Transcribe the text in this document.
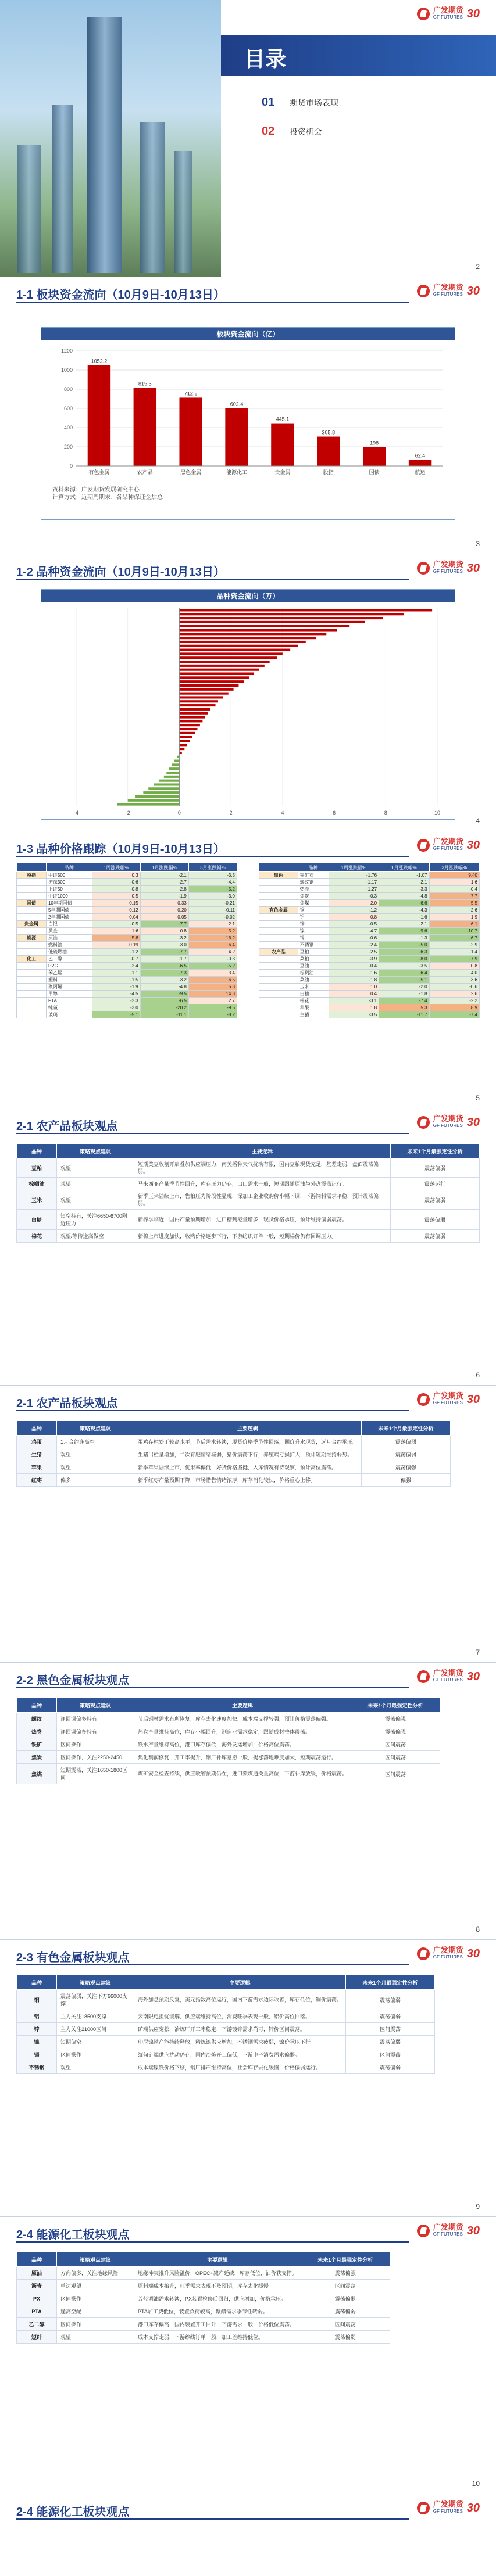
广发期货
GF FUTURES 30
目录
01 期货市场表现
02 投资机会
2
1-1 板块资金流向（10月9日-10月13日）
广发期货
GF FUTURES 30
板块资金流向（亿）
0
200
400
600
800
1000
1200
1052.2
有色金属
815.3
农产品
712.5
黑色金属
602.4
能源化工
445.1
贵金属
305.8
股指
198
国债
62.4
航运
资料来源：广发期货发展研究中心
计算方式：近期周期末、各品种保证金加总
3
1-2 品种资金流向（10月9日-10月13日）
广发期货
GF FUTURES 30
品种资金流向（万）
-4	-2	0	2	4	6	8	10
4
1-3 品种价格跟踪（10月9日-10月13日）
广发期货
GF FUTURES 30
	品种	1周涨跌幅%	1月涨跌幅%	3月涨跌幅%
股指	中证500	0.3	-2.1	-3.5
	沪深300	-0.6	-2.7	-4.4
	上证50	-0.8	-2.8	-5.2
	中证1000	0.5	-1.9	-3.0
国债	10年期国债	0.15	0.33	-0.21
	5年期国债	0.12	0.20	-0.11
	2年期国债	0.04	0.05	-0.02
贵金属	白银	-0.5	-7.7	2.1
	黄金	1.6	0.8	5.2
能源	原油	5.8	-3.2	16.2
	燃料油	0.19	-3.0	6.4
	低硫燃油	-1.2	-7.7	4.2
化工	乙二醇	-0.7	-1.7	-0.3
	PVC	-2.4	-6.5	-5.2
	苯乙烯	-1.1	-7.3	3.4
	塑料	-1.5	-3.2	6.5
	聚丙烯	-1.9	-4.8	5.3
	甲醇	-4.5	-9.5	14.3
	PTA	-2.3	-6.5	2.7
	纯碱	-3.0	-20.2	-9.5
	玻璃	-5.1	-11.1	-8.2
	品种	1周涨跌幅%	1月涨跌幅%	3月涨跌幅%
黑色	铁矿石	-1.76	-1.07	9.40
	螺纹钢	-1.17	-2.1	1.6
	热卷	-1.27	-3.3	-0.4
	焦炭	-0.3	-4.8	7.7
	焦煤	2.0	-6.6	5.5
有色金属	铜	-1.2	-4.3	-2.6
	铝	0.8	-1.6	1.9
	锌	-0.5	-2.1	6.1
	镍	-4.7	-9.6	-10.7
	锡	-0.6	-1.3	-6.7
	不锈钢	-2.4	-5.0	-2.9
农产品	豆粕	-2.5	-6.3	-1.4
	菜粕	-3.9	-8.0	-7.9
	豆油	-0.4	-3.5	0.8
	棕榈油	-1.6	-6.4	-4.0
	菜油	-1.8	-5.1	-3.6
	玉米	1.0	-2.0	-0.6
	白糖	0.4	-1.8	2.6
	棉花	-3.1	-7.4	-2.2
	苹果	1.8	5.3	8.9
	生猪	-3.5	-11.7	-7.4
5
2-1 农产品板块观点
广发期货
GF FUTURES 30
品种	策略观点建议	主要逻辑	未来1个月最强定性分析
豆粕	观望	短期美豆收割开启叠加供应端压力，南美播种天气扰动有限，国内豆粕现货充足，基差走弱，盘面震荡偏弱。	震荡偏弱
棕榈油	观望	马来西亚产量季节性回升，库存压力仍存，出口需求一般，短期跟随原油与外盘震荡运行。	震荡运行
玉米	观望	新季玉米陆续上市，售粮压力阶段性显现，深加工企业收购价小幅下调，下游饲料需求平稳，预计震荡偏弱。	震荡偏弱
白糖	短空持有，关注6650-6700附近压力	新榨季临近，国内产量预期增加，进口糖到港量增多，现货价格承压，预计维持偏弱震荡。	震荡偏弱
棉花	观望/等待逢高做空	新棉上市进度加快，收购价格逐步下行，下游纺织订单一般，短期棉价仍有回调压力。	震荡偏弱
6
2-1 农产品板块观点
广发期货
GF FUTURES 30
品种	策略观点建议	主要逻辑	未来1个月最强定性分析
鸡蛋	1月合约逢高空	蛋鸡存栏处于较高水平，节后需求转淡，现货价格季节性回落，期价升水现货，远月合约承压。	震荡偏弱
生猪	观望	生猪出栏量增加，二次育肥情绪减弱，猪价震荡下行，养殖端亏损扩大，预计短期维持弱势。	震荡偏弱
苹果	观望	新季苹果陆续上市，优果率偏低，好货价格坚挺，入库情况有待观察，预计高位震荡。	震荡偏强
红枣	偏多	新季红枣产量预期下降，市场惜售情绪浓厚，库存消化较快，价格重心上移。	偏强
7
2-2 黑色金属板块观点
广发期货
GF FUTURES 30
品种	策略观点建议	主要逻辑	未来1个月最强定性分析
螺纹	逢回调偏多持有	节后钢材需求有所恢复，库存去化速度加快，成本端支撑较强，预计价格震荡偏强。	震荡偏强
热卷	逢回调偏多持有	热卷产量维持高位，库存小幅回升，制造业需求稳定，跟随成材整体震荡。	震荡偏强
铁矿	区间操作	铁水产量维持高位，港口库存偏低，海外发运增加，价格高位震荡。	区间震荡
焦炭	区间操作，关注2250-2450	焦化利润修复，开工率提升，钢厂补库意愿一般，提涨落地难度加大，短期震荡运行。	区间震荡
焦煤	短期震荡，关注1650-1800区间	煤矿安全检查持续，供应收缩预期仍在，进口蒙煤通关量高位，下游补库放缓，价格震荡。	区间震荡
8
2-3 有色金属板块观点
广发期货
GF FUTURES 30
品种	策略观点建议	主要逻辑	未来1个月最强定性分析
铜	震荡偏弱，关注下方66000支撑	海外加息预期反复，美元指数高位运行，国内下游需求边际改善，库存低位，铜价震荡。	震荡偏弱
铝	主力关注18500支撑	云南限电担忧缓解，供应端维持高位，消费旺季表现一般，铝价高位回落。	震荡偏弱
锌	主力关注21000区间	矿端供应宽松，冶炼厂开工率稳定，下游镀锌需求尚可，锌价区间震荡。	区间震荡
镍	短期偏空	印尼镍铁产能持续释放，精炼镍供应增加，不锈钢需求疲弱，镍价承压下行。	震荡偏弱
锡	区间操作	缅甸矿端供应扰动仍存，国内冶炼开工偏低，下游电子消费需求偏弱。	区间震荡
不锈钢	观望	成本端镍铁价格下移，钢厂排产维持高位，社会库存去化缓慢，价格偏弱运行。	震荡偏弱
9
2-4 能源化工板块观点
广发期货
GF FUTURES 30
品种	策略观点建议	主要逻辑	未来1个月最强定性分析
原油	方向偏多，关注地缘风险	地缘冲突推升风险溢价，OPEC+减产延续，库存低位，油价获支撑。	震荡偏强
沥青	单边观望	原料端成本抬升，旺季需求表现不及预期，库存去化缓慢。	区间震荡
PX	区间操作	芳烃调油需求转淡，PX装置检修后回归，供应增加，价格承压。	震荡偏弱
PTA	逢高空配	PTA加工费低位，装置负荷较高，聚酯需求季节性转弱。	震荡偏弱
乙二醇	区间操作	港口库存偏高，国内装置开工回升，下游需求一般，价格低位震荡。	区间震荡
短纤	观望	成本支撑走弱，下游纱线订单一般，加工差维持低位。	震荡偏弱
10
2-4 能源化工板块观点
广发期货
GF FUTURES 30
